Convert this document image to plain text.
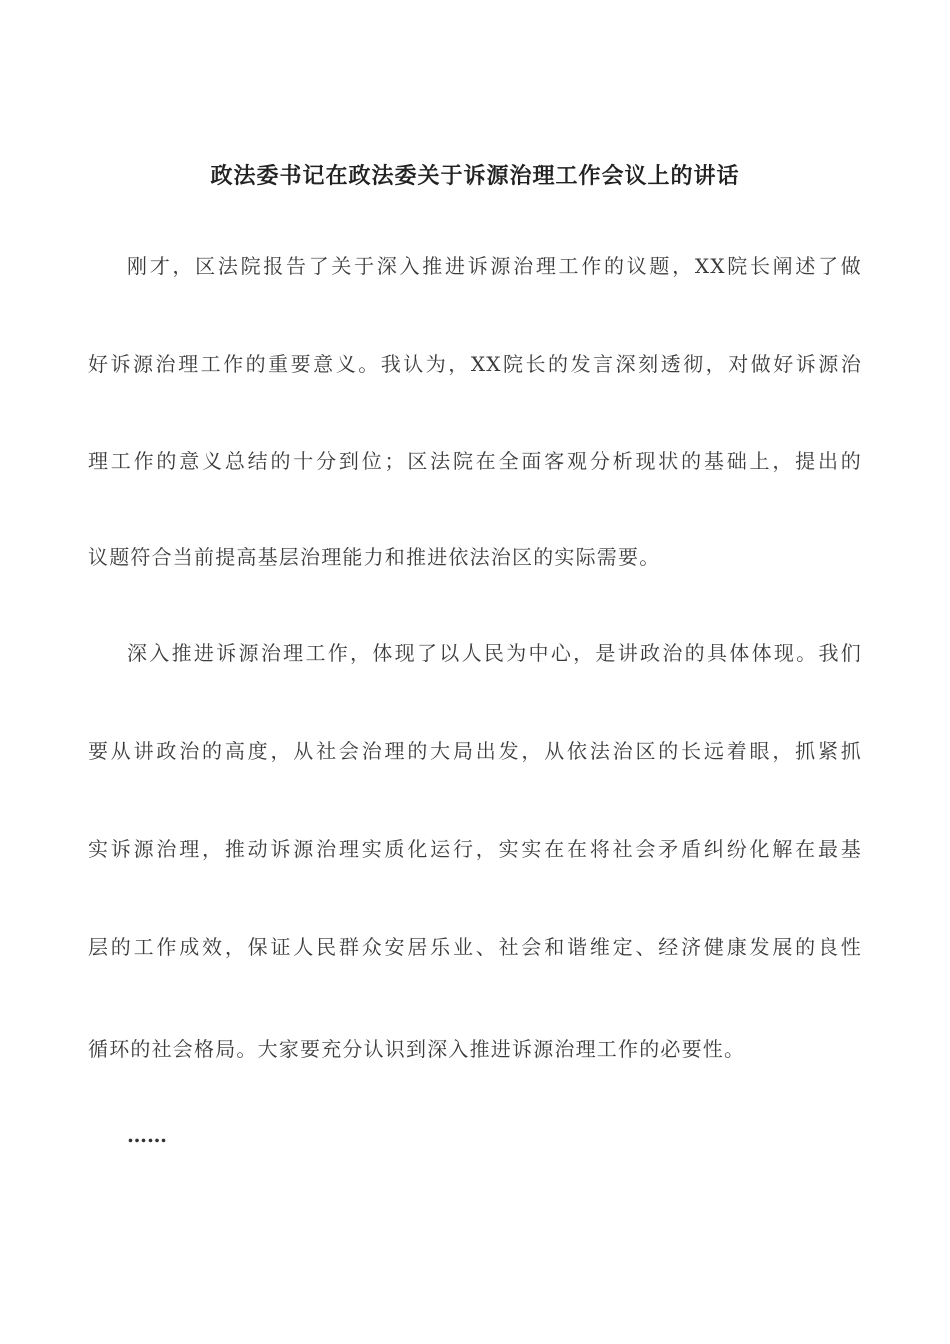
政法委书记在政法委关于诉源治理工作会议上的讲话
刚才，区法院报告了关于深入推进诉源治理工作的议题，XX院长阐述了做
好诉源治理工作的重要意义。我认为，XX院长的发言深刻透彻，对做好诉源治
理工作的意义总结的十分到位；区法院在全面客观分析现状的基础上，提出的
议题符合当前提高基层治理能力和推进依法治区的实际需要。
深入推进诉源治理工作，体现了以人民为中心，是讲政治的具体体现。我们
要从讲政治的高度，从社会治理的大局出发，从依法治区的长远着眼，抓紧抓
实诉源治理，推动诉源治理实质化运行，实实在在将社会矛盾纠纷化解在最基
层的工作成效，保证人民群众安居乐业、社会和谐维定、经济健康发展的良性
循环的社会格局。大家要充分认识到深入推进诉源治理工作的必要性。
……
